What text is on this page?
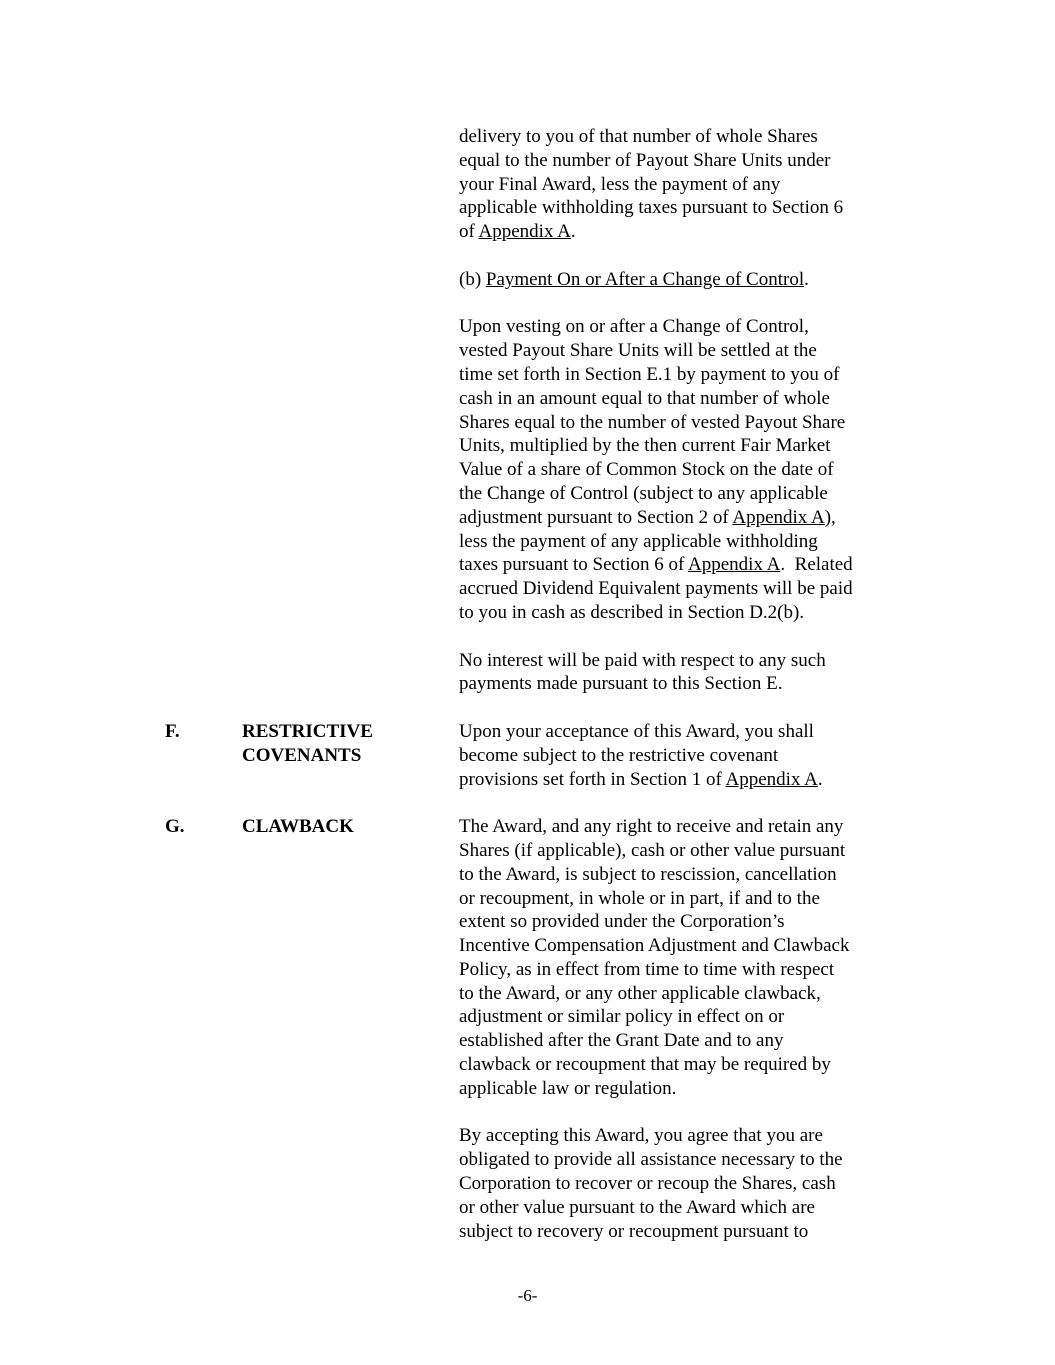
delivery to you of that number of whole Shares
equal to the number of Payout Share Units under
your Final Award, less the payment of any
applicable withholding taxes pursuant to Section 6
of Appendix A.

(b) Payment On or After a Change of Control.

Upon vesting on or after a Change of Control,
vested Payout Share Units will be settled at the
time set forth in Section E.1 by payment to you of
cash in an amount equal to that number of whole
Shares equal to the number of vested Payout Share
Units, multiplied by the then current Fair Market
Value of a share of Common Stock on the date of
the Change of Control (subject to any applicable
adjustment pursuant to Section 2 of Appendix A),
less the payment of any applicable withholding
taxes pursuant to Section 6 of Appendix A.  Related
accrued Dividend Equivalent payments will be paid
to you in cash as described in Section D.2(b).

No interest will be paid with respect to any such
payments made pursuant to this Section E.

Upon your acceptance of this Award, you shall
become subject to the restrictive covenant
provisions set forth in Section 1 of Appendix A.

The Award, and any right to receive and retain any
Shares (if applicable), cash or other value pursuant
to the Award, is subject to rescission, cancellation
or recoupment, in whole or in part, if and to the
extent so provided under the Corporation’s
Incentive Compensation Adjustment and Clawback
Policy, as in effect from time to time with respect
to the Award, or any other applicable clawback,
adjustment or similar policy in effect on or
established after the Grant Date and to any
clawback or recoupment that may be required by
applicable law or regulation.

By accepting this Award, you agree that you are
obligated to provide all assistance necessary to the
Corporation to recover or recoup the Shares, cash
or other value pursuant to the Award which are
subject to recovery or recoupment pursuant to

F.	RESTRICTIVE
COVENANTS
G.	CLAWBACK
-6-
